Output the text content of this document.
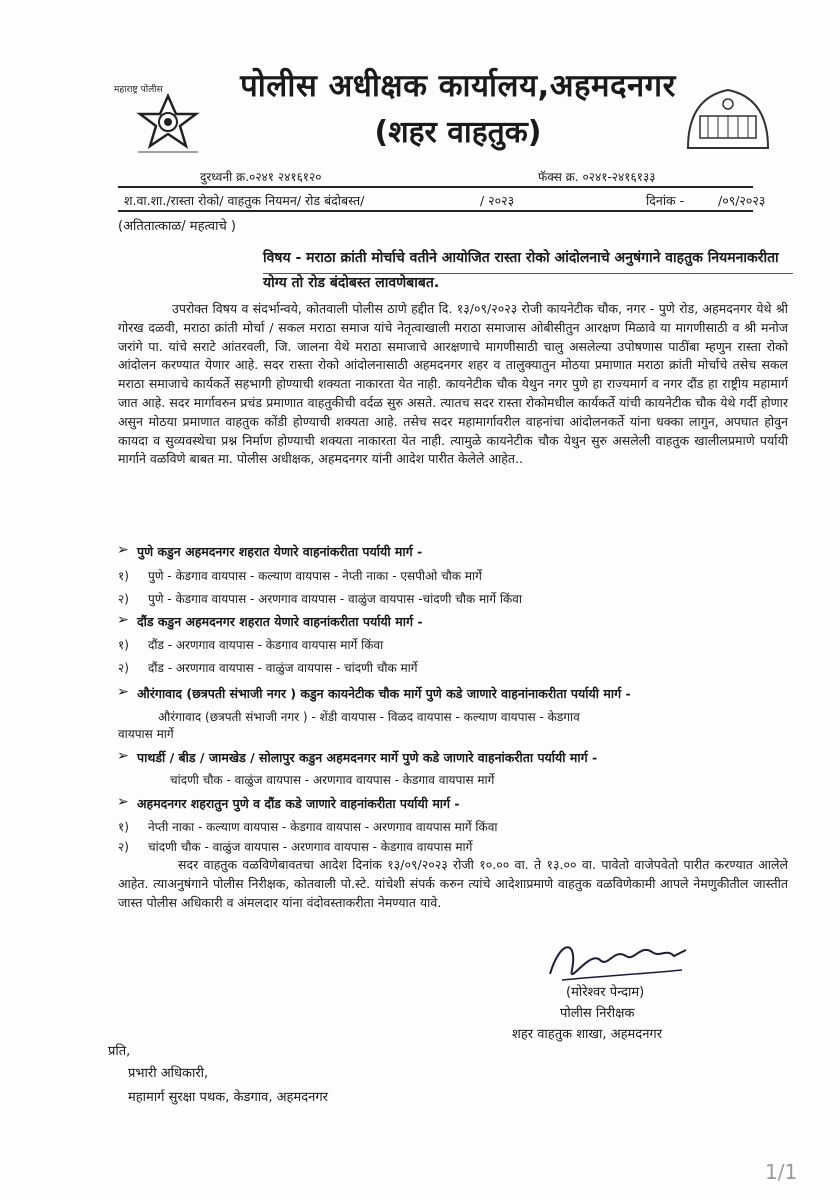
महाराष्ट्र पोलीस	पोलीस अधीक्षक कार्यालय,अहमदनगर
(शहर वाहतुक)
दुरध्वनी क्र.०२४१ २४१६१२०	फॅक्स क्र. ०२४१-२४१६१३३
श.वा.शा./रास्ता रोको/ वाहतुक नियमन/ रोड बंदोबस्त/	/ २०२३	दिनांक -	/०९/२०२३
(अतितात्काळ/ महत्वाचे )
विषय - मराठा क्रांती मोर्चाचे वतीने आयोजित रास्ता रोको आंदोलनाचे अनुषंगाने वाहतुक नियमनाकरीता योग्य तो रोड बंदोबस्त लावणेबाबत.
उपरोक्त विषय व संदर्भान्वये, कोतवाली पोलीस ठाणे हद्दीत दि. १३/०९/२०२३ रोजी कायनेटीक चौक, नगर - पुणे रोड, अहमदनगर येथे श्री गोरख दळवी, मराठा क्रांती मोर्चा / सकल मराठा समाज यांचे नेतृत्वाखाली मराठा समाजास ओबीसीतुन आरक्षण मिळावे या मागणीसाठी व श्री मनोज जरांगे पा. यांचे सराटे आंतरवली, जि. जालना येथे मराठा समाजाचे आरक्षणाचे मागणीसाठी चालु असलेल्या उपोषणास पाठींबा म्हणुन रास्ता रोको आंदोलन करण्यात येणार आहे. सदर रास्ता रोको आंदोलनासाठी अहमदनगर शहर व तालुक्यातुन मोठया प्रमाणात मराठा क्रांती मोर्चाचे तसेच सकल मराठा समाजाचे कार्यकर्ते सहभागी होण्याची शक्यता नाकारता येत नाही. कायनेटीक चौक येथुन नगर पुणे हा राज्यमार्ग व नगर दौंड हा राष्ट्रीय महामार्ग जात आहे. सदर मार्गावरुन प्रचंड प्रमाणात वाहतुकीची वर्दळ सुरु असते. त्यातच सदर रास्ता रोकोमधील कार्यकर्ते यांची कायनेटीक चौक येथे गर्दी होणार असुन मोठया प्रमाणात वाहतुक कोंडी होण्याची शक्यता आहे. तसेच सदर महामार्गावरील वाहनांचा आंदोलनकर्ते यांना धक्का लागुन, अपघात होवुन कायदा व सुव्यवस्थेचा प्रश्न निर्माण होण्याची शक्यता नाकारता येत नाही. त्यामुळे कायनेटीक चौक येथुन सुरु असलेली वाहतुक खालीलप्रमाणे पर्यायी मार्गाने वळविणे बाबत मा. पोलीस अधीक्षक, अहमदनगर यांनी आदेश पारीत केलेले आहेत..
➢ पुणे कडुन अहमदनगर शहरात येणारे वाहनांकरीता पर्यायी मार्ग -
१) पुणे - केडगाव वायपास - कल्याण वायपास - नेप्ती नाका - एसपीओ चौक मार्गे
२) पुणे - केडगाव वायपास - अरणगाव वायपास - वाळुंज वायपास -चांदणी चौक मार्गे किंवा
➢ दौंड कडुन अहमदनगर शहरात येणारे वाहनांकरीता पर्यायी मार्ग -
१) दौंड - अरणगाव वायपास - केडगाव वायपास मार्गे किंवा
२) दौंड - अरणगाव वायपास - वाळुंज वायपास - चांदणी चौक मार्गे
➢ औरंगावाद (छत्रपती संभाजी नगर ) कडुन कायनेटीक चौक मार्गे पुणे कडे जाणारे वाहनांनाकरीता पर्यायी मार्ग -
औरंगावाद (छत्रपती संभाजी नगर ) - शेंडी वायपास - विळद वायपास - कल्याण वायपास - केडगाव
वायपास मार्गे
➢ पाथर्डी / बीड / जामखेड / सोलापुर कडुन अहमदनगर मार्गे पुणे कडे जाणारे वाहनांकरीता पर्यायी मार्ग -
चांदणी चौक - वाळुंज वायपास - अरणगाव वायपास - केडगाव वायपास मार्गे
➢ अहमदनगर शहरातुन पुणे व दौंड कडे जाणारे वाहनांकरीता पर्यायी मार्ग -
१) नेप्ती नाका - कल्याण वायपास - केडगाव वायपास - अरणगाव वायपास मार्गे किंवा
२) चांदणी चौक - वाळुंज वायपास - अरणगाव वायपास - केडगाव वायपास मार्गे
सदर वाहतुक वळविणेबावतचा आदेश दिनांक १३/०९/२०२३ रोजी १०.०० वा. ते १३.०० वा. पावेतो वाजेपवेतो पारीत करण्यात आलेले आहेत. त्याअनुषंगाने पोलीस निरीक्षक, कोतवाली पो.स्टे. यांचेशी संपर्क करुन त्यांचे आदेशाप्रमाणे वाहतुक वळविणेकामी आपले नेमणुकीतील जास्तीत जास्त पोलीस अधिकारी व अंमलदार यांना वंदोवस्ताकरीता नेमण्यात यावे.
(मोरेश्वर पेन्दाम)
पोलीस निरीक्षक
शहर वाहतुक शाखा, अहमदनगर
प्रति,
प्रभारी अधिकारी,
महामार्ग सुरक्षा पथक, केडगाव, अहमदनगर
1/1
